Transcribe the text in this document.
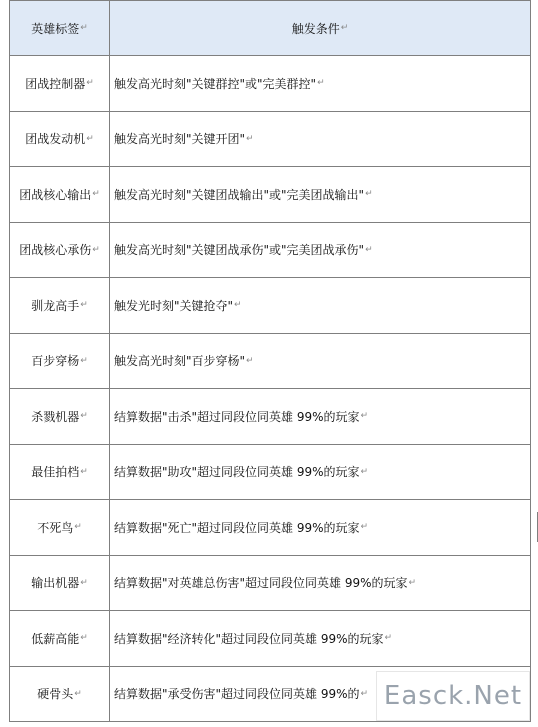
英雄标签 ↵	触发条件 ↵
团战控制器 ↵ 触发高光时刻"关键群控"或"完美群控" ↵
团战发动机 ↵ 触发高光时刻"关键开团" ↵
团战核心输出 ↵ 触发高光时刻"关键团战输出"或"完美团战输出" ↵
团战核心承伤 ↵ 触发高光时刻"关键团战承伤"或"完美团战承伤" ↵
驯龙高手 ↵ 触发光时刻"关键抢夺" ↵
百步穿杨 ↵ 触发高光时刻"百步穿杨" ↵
杀戮机器 ↵ 结算数据"击杀"超过同段位同英雄 99%的玩家 ↵
最佳拍档 ↵ 结算数据"助攻"超过同段位同英雄 99%的玩家 ↵
不死鸟 ↵	结算数据"死亡"超过同段位同英雄 99%的玩家 ↵
输出机器 ↵ 结算数据"对英雄总伤害"超过同段位同英雄 99%的玩家 ↵
低薪高能 ↵ 结算数据"经济转化"超过同段位同英雄 99%的玩家 ↵
硬骨头 ↵	结算数据"承受伤害"超过同段位同英雄 99%的 ↵ Easck.Net
